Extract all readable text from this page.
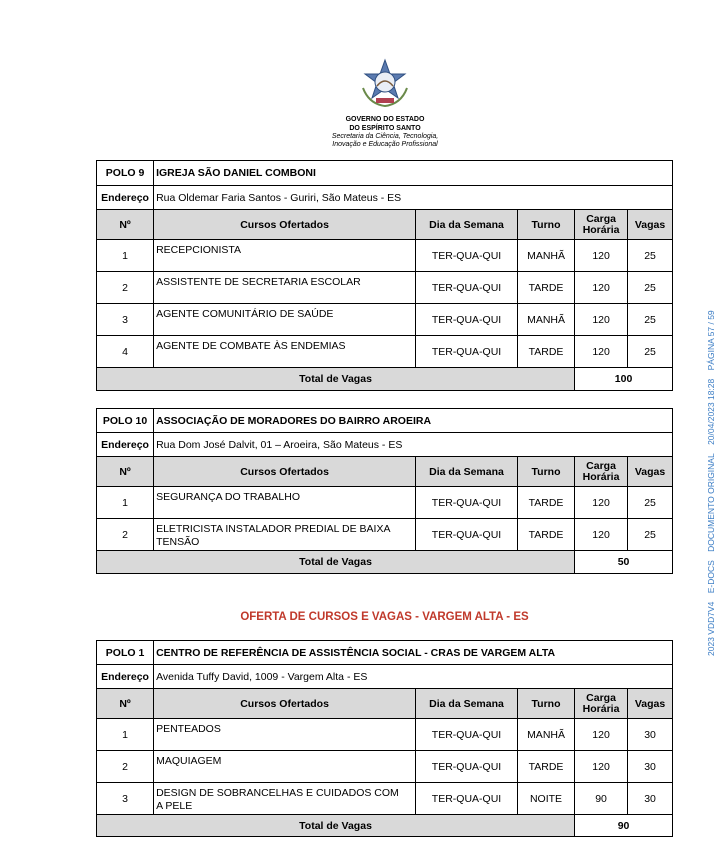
GOVERNO DO ESTADO
DO ESPÍRITO SANTO
Secretaria da Ciência, Tecnologia,
Inovação e Educação Profissional
POLO 9	IGREJA SÃO DANIEL COMBONI				
Endereço	Rua Oldemar Faria Santos - Guriri, São Mateus - ES				
Nº	Cursos Ofertados	Dia da Semana	Turno	Carga
Horária	Vagas
1	RECEPCIONISTA	TER-QUA-QUI	MANHÃ	120	25
2	ASSISTENTE DE SECRETARIA ESCOLAR	TER-QUA-QUI	TARDE	120	25
3	AGENTE COMUNITÁRIO DE SAÚDE	TER-QUA-QUI	MANHÃ	120	25
4	AGENTE DE COMBATE ÀS ENDEMIAS	TER-QUA-QUI	TARDE	120	25
Total de Vagas				100	
POLO 10	ASSOCIAÇÃO DE MORADORES DO BAIRRO AROEIRA				
Endereço	Rua Dom José Dalvit, 01 – Aroeira, São Mateus - ES				
Nº	Cursos Ofertados	Dia da Semana	Turno	Carga
Horária	Vagas
1	SEGURANÇA DO TRABALHO	TER-QUA-QUI	TARDE	120	25
2	ELETRICISTA INSTALADOR PREDIAL DE BAIXA
TENSÃO	TER-QUA-QUI	TARDE	120	25
Total de Vagas				50	
OFERTA DE CURSOS E VAGAS - VARGEM ALTA - ES
POLO 1	CENTRO DE REFERÊNCIA DE ASSISTÊNCIA SOCIAL - CRAS DE VARGEM ALTA				
Endereço	Avenida Tuffy David, 1009 - Vargem Alta - ES				
Nº	Cursos Ofertados	Dia da Semana	Turno	Carga
Horária	Vagas
1	PENTEADOS	TER-QUA-QUI	MANHÃ	120	30
2	MAQUIAGEM	TER-QUA-QUI	TARDE	120	30
3	DESIGN DE SOBRANCELHAS E CUIDADOS COM
A PELE	TER-QUA-QUI	NOITE	90	30
Total de Vagas				90	
2023 VDD7V4 E-DOCS DOCUMENTO ORIGINAL 20/04/2023 18:28 PÁGINA 57 / 59
